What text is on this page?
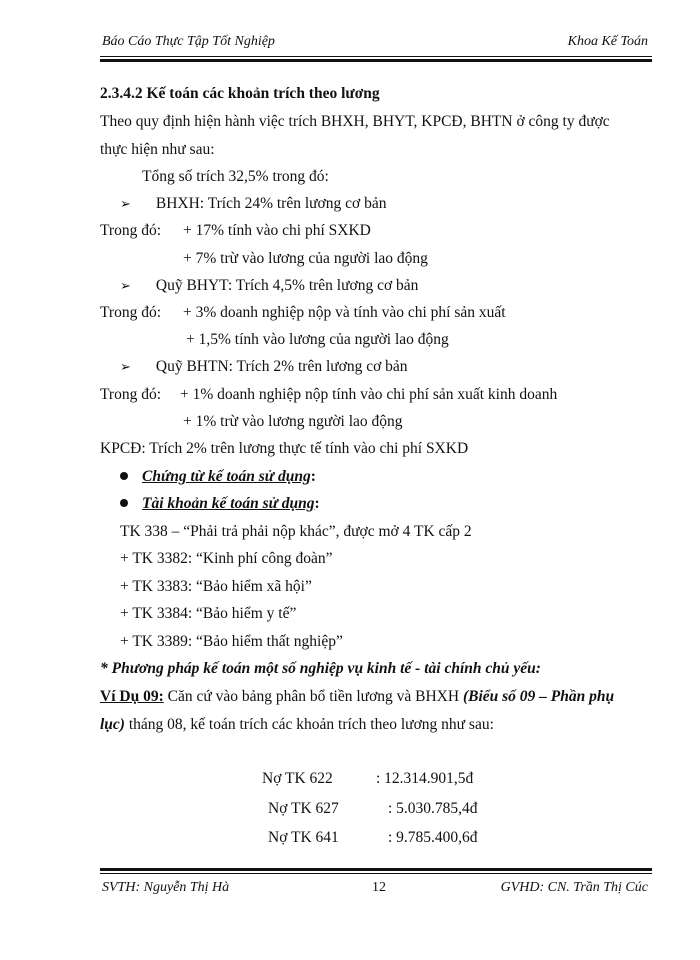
Báo Cáo Thực Tập Tốt Nghiệp	Khoa Kế Toán
2.3.4.2 Kế toán các khoản trích theo lương
Theo quy định hiện hành việc trích BHXH, BHYT, KPCĐ, BHTN ở công ty được
thực hiện như sau:
Tổng số trích 32,5% trong đó:
➢ BHXH: Trích 24% trên lương cơ bản
Trong đó: + 17% tính vào chi phí SXKD
+ 7% trừ vào lương của người lao động
➢ Quỹ BHYT: Trích 4,5% trên lương cơ bản
Trong đó: + 3% doanh nghiệp nộp và tính vào chi phí sản xuất
+ 1,5% tính vào lương của người lao động
➢ Quỹ BHTN: Trích 2% trên lương cơ bản
Trong đó: + 1% doanh nghiệp nộp tính vào chi phí sản xuất kinh doanh
+ 1% trừ vào lương người lao động
KPCĐ: Trích 2% trên lương thực tế tính vào chi phí SXKD
Chứng từ kế toán sử dụng:
Tài khoản kế toán sử dụng:
TK 338 – “Phải trả phải nộp khác”, được mở 4 TK cấp 2
+ TK 3382: “Kinh phí công đoàn”
+ TK 3383: “Bảo hiểm xã hội”
+ TK 3384: “Bảo hiểm y tế”
+ TK 3389: “Bảo hiểm thất nghiệp”
* Phương pháp kế toán một số nghiệp vụ kinh tế - tài chính chủ yếu:
Ví Dụ 09: Căn cứ vào bảng phân bổ tiền lương và BHXH (Biểu số 09 – Phần phụ
lục) tháng 08, kế toán trích các khoản trích theo lương như sau:
Nợ TK 622	: 12.314.901,5đ
Nợ TK 627	: 5.030.785,4đ
Nợ TK 641	: 9.785.400,6đ
SVTH: Nguyễn Thị Hà	12	GVHD: CN. Trần Thị Cúc
